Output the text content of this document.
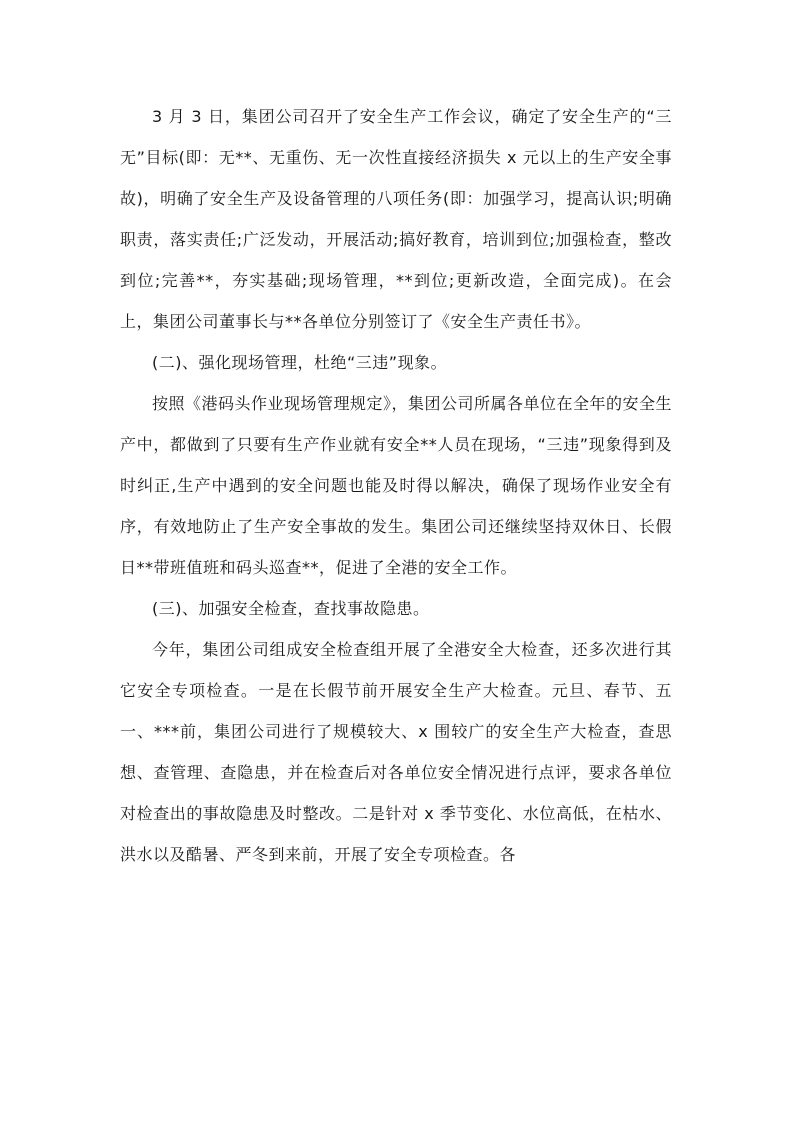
3 月 3 日，集团公司召开了安全生产工作会议，确定了安全生产的“三无”目标(即：无**、无重伤、无一次性直接经济损失 x 元以上的生产安全事故)，明确了安全生产及设备管理的八项任务(即：加强学习，提高认识;明确职责，落实责任;广泛发动，开展活动;搞好教育，培训到位;加强检查，整改到位;完善**，夯实基础;现场管理，**到位;更新改造，全面完成)。在会上，集团公司董事长与**各单位分别签订了《安全生产责任书》。

(二)、强化现场管理，杜绝“三违”现象。

按照《港码头作业现场管理规定》，集团公司所属各单位在全年的安全生产中，都做到了只要有生产作业就有安全**人员在现场，“三违”现象得到及时纠正,生产中遇到的安全问题也能及时得以解决，确保了现场作业安全有序，有效地防止了生产安全事故的发生。集团公司还继续坚持双休日、长假日**带班值班和码头巡查**，促进了全港的安全工作。

(三)、加强安全检查，查找事故隐患。

今年，集团公司组成安全检查组开展了全港安全大检查，还多次进行其它安全专项检查。一是在长假节前开展安全生产大检查。元旦、春节、五一、***前，集团公司进行了规模较大、x 围较广的安全生产大检查，查思想、查管理、查隐患，并在检查后对各单位安全情况进行点评，要求各单位对检查出的事故隐患及时整改。二是针对 x 季节变化、水位高低，在枯水、洪水以及酷暑、严冬到来前，开展了安全专项检查。各
